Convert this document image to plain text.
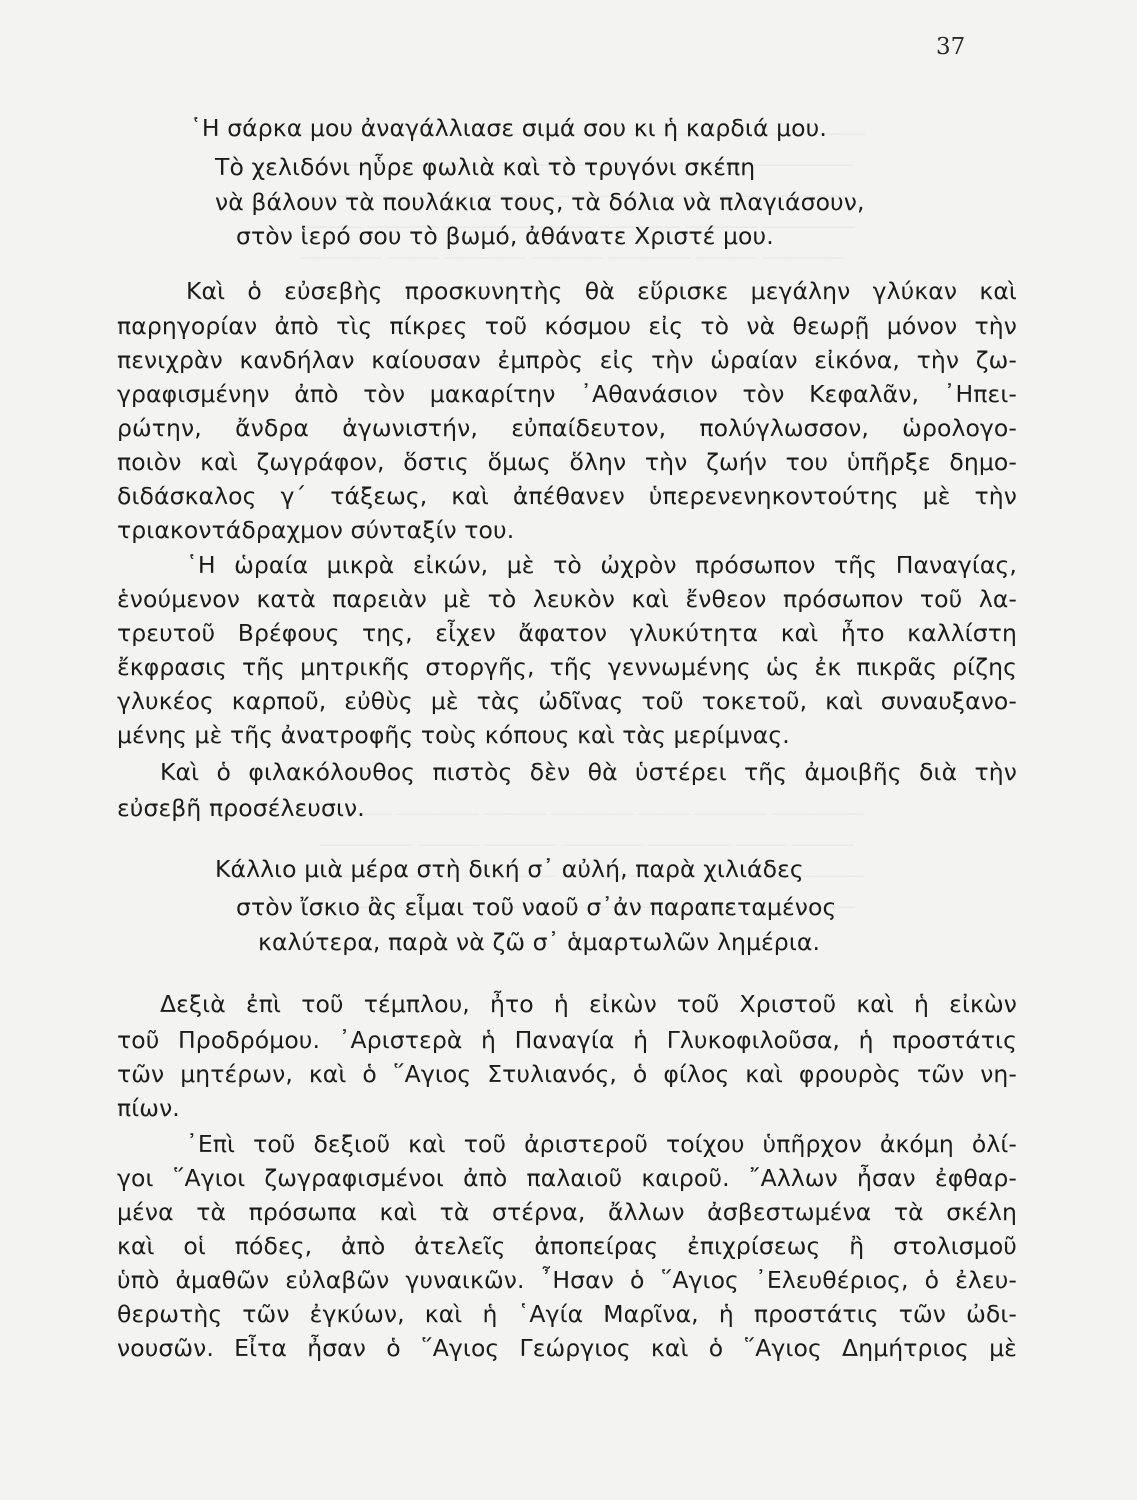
37
῾Η σάρκα μου ἀναγάλλιασε σιμά σου κι ἡ καρδιά μου.
Τὸ χελιδόνι ηὗρε φωλιὰ καὶ τὸ τρυγόνι σκέπη
νὰ βάλουν τὰ πουλάκια τους, τὰ δόλια νὰ πλαγιάσουν,
στὸν ἱερό σου τὸ βωμό, ἀθάνατε Χριστέ μου.
Καὶ ὁ εὐσεβὴς προσκυνητὴς θὰ εὕρισκε μεγάλην γλύκαν καὶ
παρηγορίαν ἀπὸ τὶς πίκρες τοῦ κόσμου εἰς τὸ νὰ θεωρῇ μόνον τὴν
πενιχρὰν κανδήλαν καίουσαν ἐμπρὸς εἰς τὴν ὡραίαν εἰκόνα, τὴν ζω-
γραφισμένην ἀπὸ τὸν μακαρίτην ᾿Αθανάσιον τὸν Κεφαλᾶν, ᾿Ηπει-
ρώτην, ἄνδρα ἀγωνιστήν, εὐπαίδευτον, πολύγλωσσον, ὡρολογο-
ποιὸν καὶ ζωγράφον, ὅστις ὅμως ὅλην τὴν ζωήν του ὑπῆρξε δημο-
διδάσκαλος γ΄ τάξεως, καὶ ἀπέθανεν ὑπερενενηκοντούτης μὲ τὴν
τριακοντάδραχμον σύνταξίν του.
῾Η ὡραία μικρὰ εἰκών, μὲ τὸ ὠχρὸν πρόσωπον τῆς Παναγίας,
ἑνούμενον κατὰ παρειὰν μὲ τὸ λευκὸν καὶ ἔνθεον πρόσωπον τοῦ λα-
τρευτοῦ Βρέφους της, εἶχεν ἄφατον γλυκύτητα καὶ ἦτο καλλίστη
ἔκφρασις τῆς μητρικῆς στοργῆς, τῆς γεννωμένης ὡς ἐκ πικρᾶς ρίζης
γλυκέος καρποῦ, εὐθὺς μὲ τὰς ὠδῖνας τοῦ τοκετοῦ, καὶ συναυξανο-
μένης μὲ τῆς ἀνατροφῆς τοὺς κόπους καὶ τὰς μερίμνας.
Καὶ ὁ φιλακόλουθος πιστὸς δὲν θὰ ὑστέρει τῆς ἀμοιβῆς διὰ τὴν
εὐσεβῆ προσέλευσιν.
Κάλλιο μιὰ μέρα στὴ δική σ᾿ αὐλή, παρὰ χιλιάδες
στὸν ἴσκιο ἂς εἶμαι τοῦ ναοῦ σ᾿ἀν παραπεταμένος
καλύτερα, παρὰ νὰ ζῶ σ᾿ ἁμαρτωλῶν λημέρια.
Δεξιὰ ἐπὶ τοῦ τέμπλου, ἦτο ἡ εἰκὼν τοῦ Χριστοῦ καὶ ἡ εἰκὼν
τοῦ Προδρόμου. ᾿Αριστερὰ ἡ Παναγία ἡ Γλυκοφιλοῦσα, ἡ προστάτις
τῶν μητέρων, καὶ ὁ ῞Αγιος Στυλιανός, ὁ φίλος καὶ φρουρὸς τῶν νη-
πίων.
᾿Επὶ τοῦ δεξιοῦ καὶ τοῦ ἀριστεροῦ τοίχου ὑπῆρχον ἀκόμη ὀλί-
γοι ῞Αγιοι ζωγραφισμένοι ἀπὸ παλαιοῦ καιροῦ. ῎Αλλων ἦσαν ἐφθαρ-
μένα τὰ πρόσωπα καὶ τὰ στέρνα, ἄλλων ἀσβεστωμένα τὰ σκέλη
καὶ οἱ πόδες, ἀπὸ ἀτελεῖς ἀποπείρας ἐπιχρίσεως ἢ στολισμοῦ
ὑπὸ ἀμαθῶν εὐλαβῶν γυναικῶν. ῏Ησαν ὁ ῞Αγιος ᾿Ελευθέριος, ὁ ἐλευ-
θερωτὴς τῶν ἐγκύων, καὶ ἡ ῾Αγία Μαρῖνα, ἡ προστάτις τῶν ὠδι-
νουσῶν. Εἶτα ἦσαν ὁ ῞Αγιος Γεώργιος καὶ ὁ ῞Αγιος Δημήτριος μὲ
